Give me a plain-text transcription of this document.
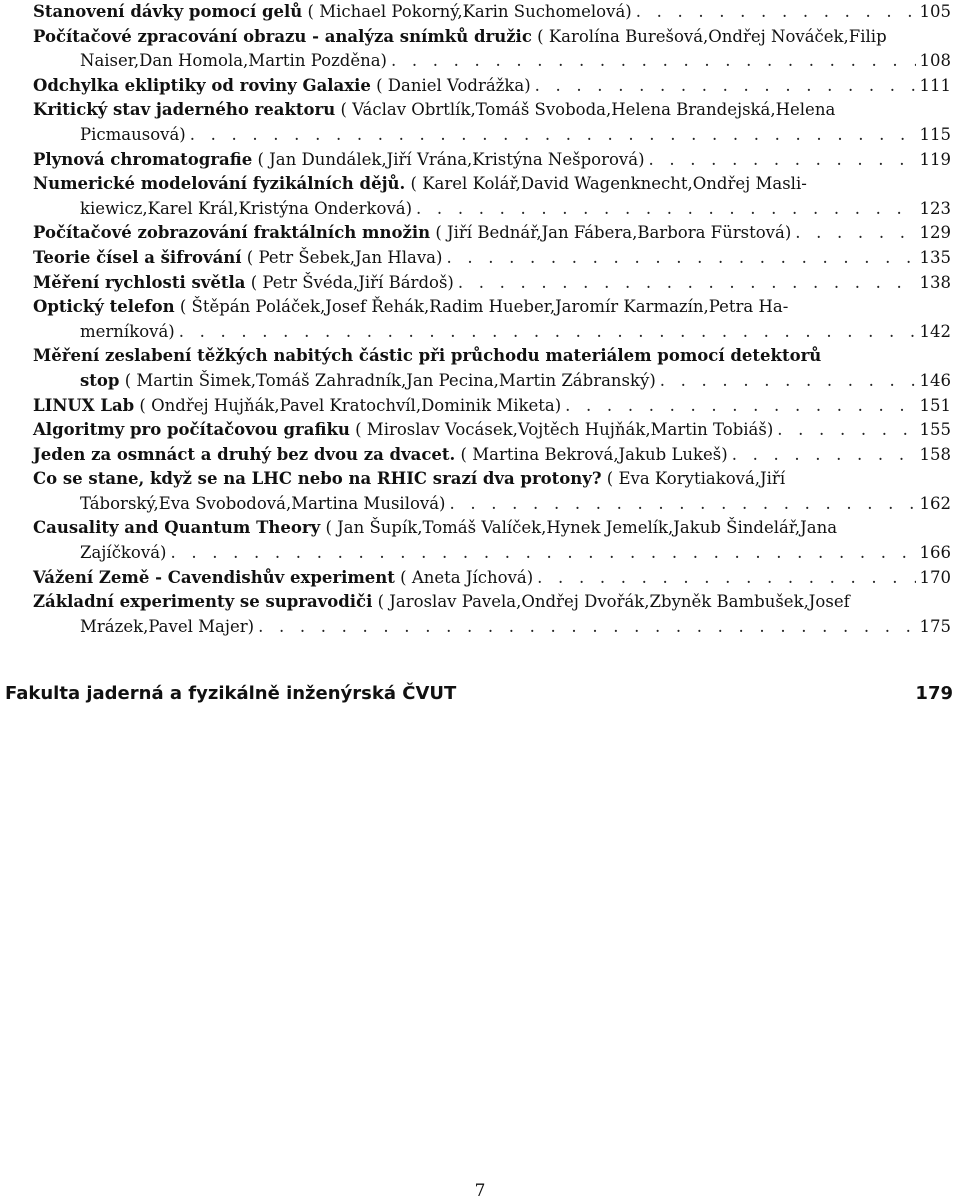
Stanovení dávky pomocí gelů
( Michael Pokorný,Karin Suchomelová) . . .	105
Počítačové zpracování obrazu - analýza snímků družic
( Karolína Burešová,Ondřej Nováček,Filip
Naiser,Dan Homola,Martin Pozděna) . . .	108
Odchylka ekliptiky od roviny Galaxie
( Daniel Vodrážka) . . .	111
Kritický stav jaderného reaktoru
( Václav Obrtlík,Tomáš Svoboda,Helena Brandejská,Helena
Picmausová) . . .	115
Plynová chromatografie
( Jan Dundálek,Jiří Vrána,Kristýna Nešporová) . . .	119
Numerické modelování fyzikálních dějů.
( Karel Kolář,David Wagenknecht,Ondřej Masli-
kiewicz,Karel Král,Kristýna Onderková) . . .	123
Počítačové zobrazování fraktálních množin
( Jiří Bednář,Jan Fábera,Barbora Fürstová) . . .	129
Teorie čísel a šifrování
( Petr Šebek,Jan Hlava) . . .	135
Měření rychlosti světla
( Petr Švéda,Jiří Bárdoš) . . .	138
Optický telefon
( Štěpán Poláček,Josef Řehák,Radim Hueber,Jaromír Karmazín,Petra Ha-
merníková) . . .	142
Měření zeslabení těžkých nabitých částic při průchodu materiálem pomocí detektorů
stop
( Martin Šimek,Tomáš Zahradník,Jan Pecina,Martin Zábranský) . . .	146
LINUX Lab
( Ondřej Hujňák,Pavel Kratochvíl,Dominik Miketa) . . .	151
Algoritmy pro počítačovou grafiku
( Miroslav Vocásek,Vojtěch Hujňák,Martin Tobiáš) . . .	155
Jeden za osmnáct a druhý bez dvou za dvacet.
( Martina Bekrová,Jakub Lukeš) . . .	158
Co se stane, když se na LHC nebo na RHIC srazí dva protony?
( Eva Korytiaková,Jiří
Táborský,Eva Svobodová,Martina Musilová) . . .	162
Causality and Quantum Theory
( Jan Šupík,Tomáš Valíček,Hynek Jemelík,Jakub Šindelář,Jana
Zajíčková) . . .	166
Vážení Země - Cavendishův experiment
( Aneta Jíchová) . . .	170
Základní experimenty se supravodiči
( Jaroslav Pavela,Ondřej Dvořák,Zbyněk Bambušek,Josef
Mrázek,Pavel Majer) . . .	175
Fakulta jaderná a fyzikálně inženýrská ČVUT	179
7
